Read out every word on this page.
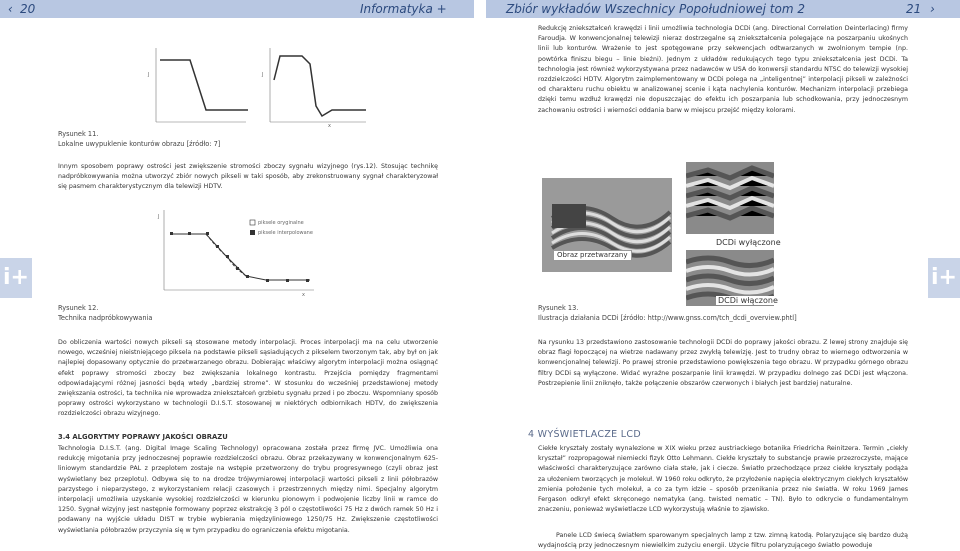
‹ 20	Informatyka +	Zbiór wykładów Wszechnicy Popołudniowej tom 2	21 ›
J	J
x
Rysunek 11.
Lokalne uwypuklenie konturów obrazu [źródło: 7]
Innym sposobem poprawy ostrości jest zwiększenie stromości zboczy sygnału wizyjnego (rys.12). Stosując technikę nadpróbkowywania można utworzyć zbiór nowych pikseli w taki sposób, aby zrekonstruowany sygnał charakteryzował się pasmem charakterystycznym dla telewizji HDTV.
J
x
piksele oryginalne
piksele interpolowane
Rysunek 12.
Technika nadpróbkowywania
Do obliczenia wartości nowych pikseli są stosowane metody interpolacji. Proces interpolacji ma na celu utworzenie nowego, wcześniej nieistniejącego piksela na podstawie pikseli sąsiadujących z pikselem tworzonym tak, aby był on jak najlepiej dopasowany optycznie do przetwarzanego obrazu. Dobierając właściwy algorytm interpolacji można osiągnąć efekt poprawy stromości zboczy bez zwiększania lokalnego kontrastu. Przejścia pomiędzy fragmentami odpowiadającymi różnej jasności będą wtedy „bardziej strome”. W stosunku do wcześniej przedstawionej metody zwiększania ostrości, ta technika nie wprowadza zniekształceń grzbietu sygnału przed i po zboczu. Wspomniany sposób poprawy ostrości wykorzystano w technologii D.I.S.T. stosowanej w niektórych odbiornikach HDTV, do zwiększenia rozdzielczości obrazu wizyjnego.
3.4 ALGORYTMY POPRAWY JAKOŚCI OBRAZU
Technologia D.I.S.T. (ang. Digital Image Scaling Technology) opracowana została przez firmę JVC. Umożliwia ona redukcję migotania przy jednoczesnej poprawie rozdzielczości obrazu. Obraz przekazywany w konwencjonalnym 625-liniowym standardzie PAL z przeplotem zostaje na wstępie przetworzony do trybu progresywnego (czyli obraz jest wyświetlany bez przeplotu). Odbywa się to na drodze trójwymiarowej interpolacji wartości pikseli z linii półobrazów parzystego i nieparzystego, z wykorzystaniem relacji czasowych i przestrzennych między nimi. Specjalny algorytm interpolacji umożliwia uzyskanie wysokiej rozdzielczości w kierunku pionowym i podwojenie liczby linii w ramce do 1250. Sygnał wizyjny jest następnie formowany poprzez ekstrakcję 3 pól o częstotliwości 75 Hz z dwóch ramek 50 Hz i podawany na wyjście układu DIST w trybie wybierania międzyliniowego 1250/75 Hz. Zwiększenie częstotliwości wyświetlania półobrazów przyczynia się w tym przypadku do ograniczenia efektu migotania.
Redukcję zniekształceń krawędzi i linii umożliwia technologia DCDi (ang. Directional Correlation Deinterlacing) firmy Faroudja. W konwencjonalnej telewizji nieraz dostrzegalne są zniekształcenia polegające na poszarpaniu ukośnych linii lub konturów. Wrażenie to jest spotęgowane przy sekwencjach odtwarzanych w zwolnionym tempie (np. powtórka finiszu biegu – linie bieżni). Jednym z układów redukujących tego typu zniekształcenia jest DCDi. Ta technologia jest również wykorzystywana przez nadawców w USA do konwersji standardu NTSC do telewizji wysokiej rozdzielczości HDTV. Algorytm zaimplementowany w DCDi polega na „inteligentnej” interpolacji pikseli w zależności od charakteru ruchu obiektu w analizowanej scenie i kąta nachylenia konturów. Mechanizm interpolacji przebiega dzięki temu wzdłuż krawędzi nie dopuszczając do efektu ich poszarpania lub schodkowania, przy jednoczesnym zachowaniu ostrości i wierności oddania barw w miejscu przejść między kolorami.
Obraz przetwarzany
DCDi wyłączone
DCDi włączone
Rysunek 13.
Ilustracja działania DCDi [źródło: http://www.gnss.com/tch_dcdi_overview.phtl]
Na rysunku 13 przedstawiono zastosowanie technologii DCDi do poprawy jakości obrazu. Z lewej strony znajduje się obraz flagi łopoczącej na wietrze nadawany przez zwykłą telewizję. Jest to trudny obraz to wiernego odtworzenia w konwencjonalnej telewizji. Po prawej stronie przedstawiono powiększenia tego obrazu. W przypadku górnego obrazu filtry DCDi są wyłączone. Widać wyraźne poszarpanie linii krawędzi. W przypadku dolnego zaś DCDi jest włączona. Postrzepienie linii zniknęło, także połączenie obszarów czerwonych i białych jest bardziej naturalne.
4 WYŚWIETLACZE LCD
Ciekłe kryształy zostały wynalezione w XIX wieku przez austriackiego botanika Friedricha Reinitzera. Termin „ciekły kryształ” rozpropagował niemiecki fizyk Otto Lehmann. Ciekłe kryształy to substancje prawie przezroczyste, mające właściwości charakteryzujące zarówno ciała stałe, jak i ciecze. Światło przechodzące przez ciekłe kryształy podąża za ułożeniem tworzących je molekuł. W 1960 roku odkryto, że przyłożenie napięcia elektrycznym ciekłych kryształów zmienia położenie tych molekuł, a co za tym idzie – sposób przenikania przez nie światła. W roku 1969 James Fergason odkrył efekt skręconego nematyka (ang. twisted nematic – TN). Było to odkrycie o fundamentalnym znaczeniu, ponieważ wyświetlacze LCD wykorzystują właśnie to zjawisko.
Panele LCD świecą światłem sparowanym specjalnych lamp z tzw. zimną katodą. Polaryzujące się bardzo dużą wydajnością przy jednoczesnym niewielkim zużyciu energii. Użycie filtru polaryzującego światło powoduje
i+	i+
